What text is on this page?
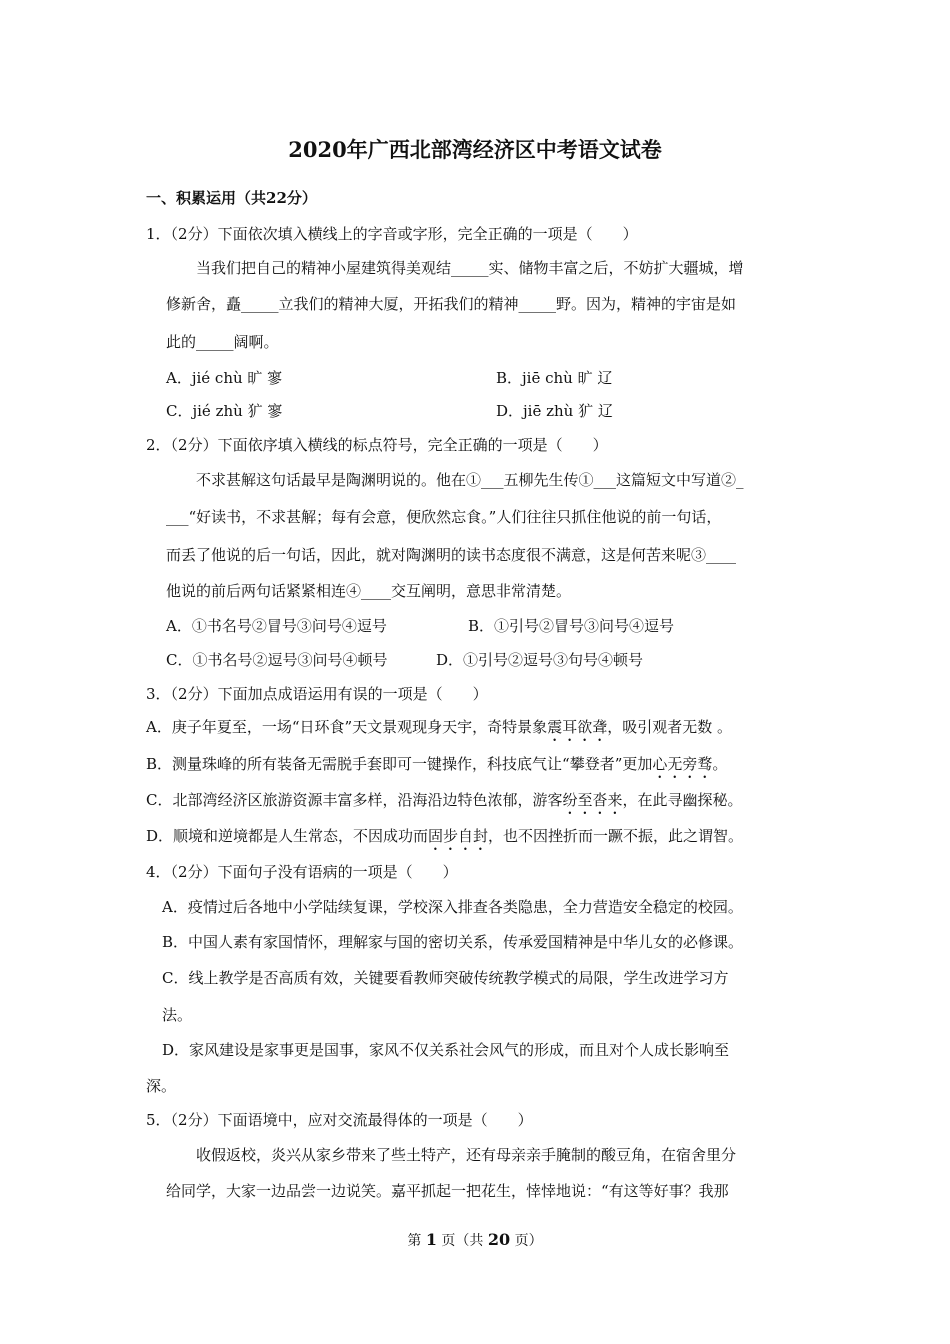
2020年广西北部湾经济区中考语文试卷
一、积累运用（共22分）
1．（2分）下面依次填入横线上的字音或字形，完全正确的一项是（　　）
当我们把自己的精神小屋建筑得美观结_____实、储物丰富之后，不妨扩大疆城，增
修新舍，矗_____立我们的精神大厦，开拓我们的精神_____野。因为，精神的宇宙是如
此的_____阔啊。
A．jié chù 旷 寥	B．jiē chù 旷 辽
C．jié zhù 犷 寥	D．jiē zhù 犷 辽
2．（2分）下面依序填入横线的标点符号，完全正确的一项是（　　）
不求甚解这句话最早是陶渊明说的。他在①___五柳先生传①___这篇短文中写道②_
___“好读书，不求甚解；每有会意，便欣然忘食。”人们往往只抓住他说的前一句话，
而丢了他说的后一句话，因此，就对陶渊明的读书态度很不满意，这是何苦来呢③____
他说的前后两句话紧紧相连④____交互阐明，意思非常清楚。
A．①书名号②冒号③问号④逗号	B．①引号②冒号③问号④逗号
C．①书名号②逗号③问号④顿号	D．①引号②逗号③句号④顿号
3．（2分）下面加点成语运用有误的一项是（　　）
A．庚子年夏至，一场“日环食”天文景观现身天宇，奇特景象震耳欲聋，吸引观者无数 。
B．测量珠峰的所有装备无需脱手套即可一键操作，科技底气让“攀登者”更加心无旁骛。
C．北部湾经济区旅游资源丰富多样，沿海沿边特色浓郁，游客纷至沓来，在此寻幽探秘。
D．顺境和逆境都是人生常态，不因成功而固步自封，也不因挫折而一蹶不振，此之谓智。
4．（2分）下面句子没有语病的一项是（　　）
A．疫情过后各地中小学陆续复课，学校深入排查各类隐患，全力营造安全稳定的校园。
B．中国人素有家国情怀，理解家与国的密切关系，传承爱国精神是中华儿女的必修课。
C．线上教学是否高质有效，关键要看教师突破传统教学模式的局限，学生改进学习方
法。
D．家风建设是家事更是国事，家风不仅关系社会风气的形成，而且对个人成长影响至
深。
5．（2分）下面语境中，应对交流最得体的一项是（　　）
收假返校，炎兴从家乡带来了些土特产，还有母亲亲手腌制的酸豆角，在宿舍里分
给同学，大家一边品尝一边说笑。嘉平抓起一把花生，悻悻地说：“有这等好事？我那
第 1 页（共 20 页）
